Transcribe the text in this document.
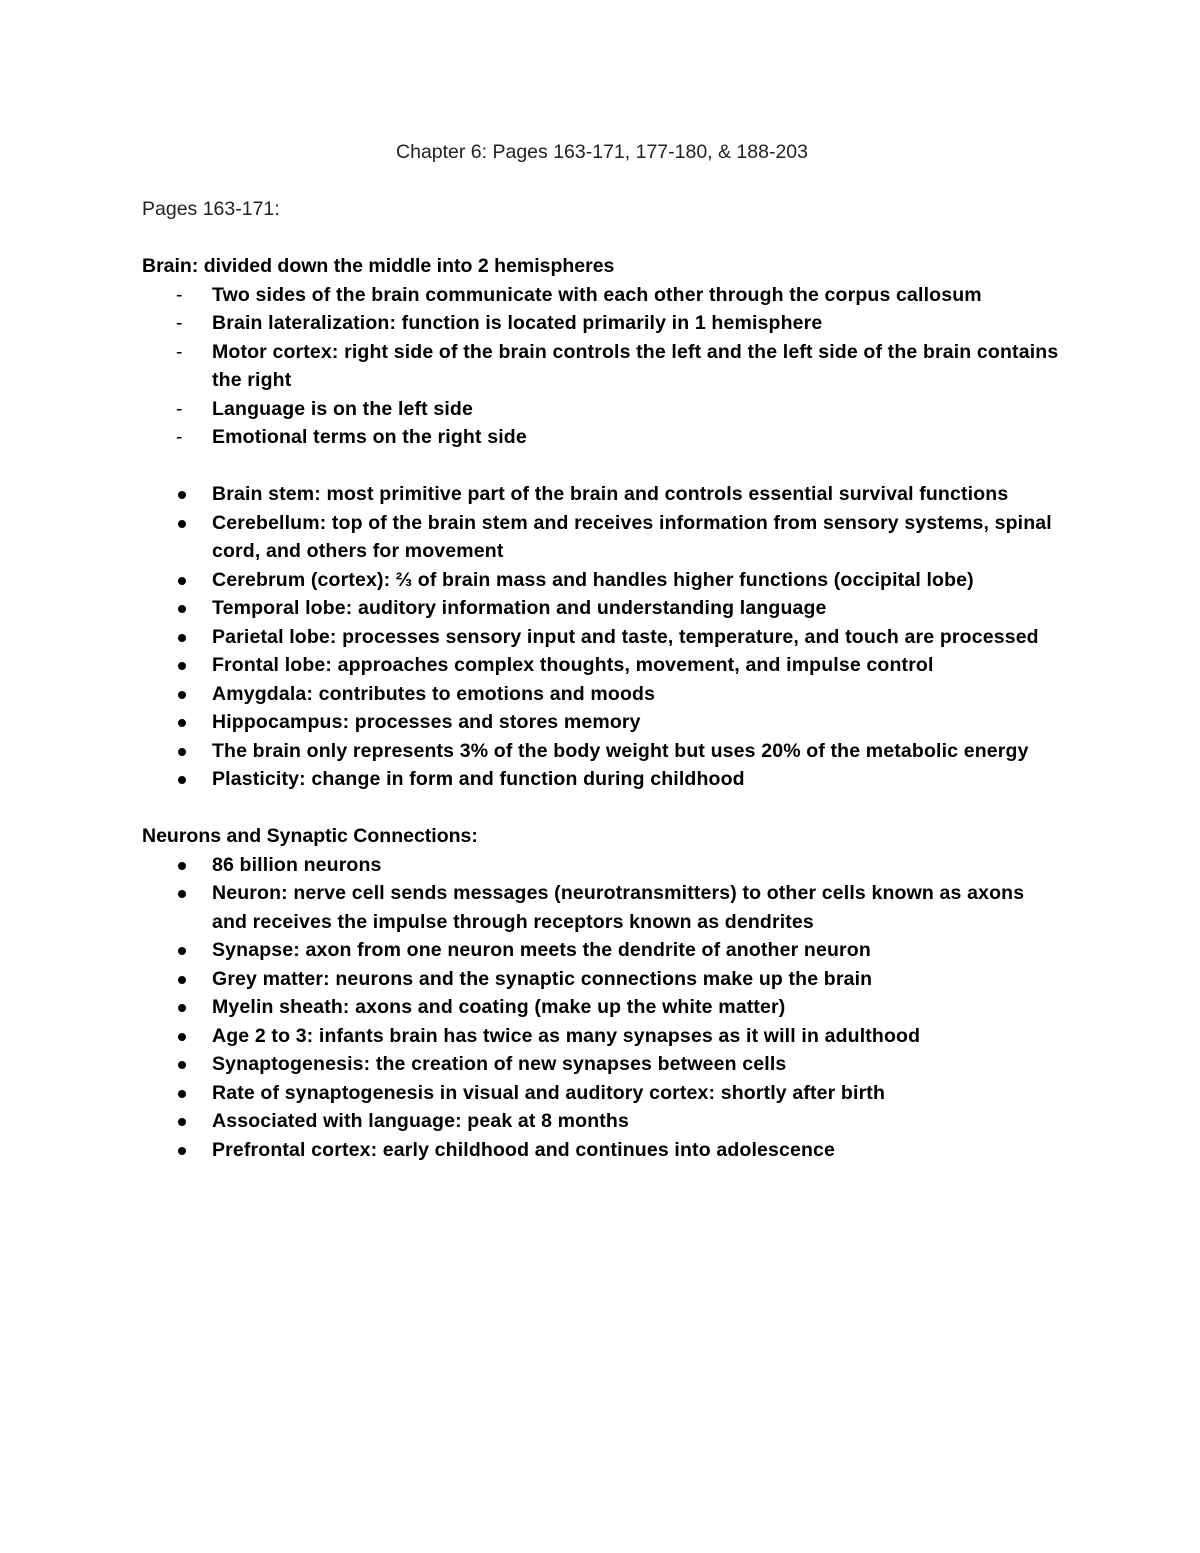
Chapter 6: Pages 163-171, 177-180, & 188-203

Pages 163-171:

Brain: divided down the middle into 2 hemispheres

- Two sides of the brain communicate with each other through the corpus callosum
- Brain lateralization: function is located primarily in 1 hemisphere
- Motor cortex: right side of the brain controls the left and the left side of the brain contains the right
- Language is on the left side
- Emotional terms on the right side
Brain stem: most primitive part of the brain and controls essential survival functions
Cerebellum: top of the brain stem and receives information from sensory systems, spinal cord, and others for movement
Cerebrum (cortex): ⅔ of brain mass and handles higher functions (occipital lobe)
Temporal lobe: auditory information and understanding language
Parietal lobe: processes sensory input and taste, temperature, and touch are processed
Frontal lobe: approaches complex thoughts, movement, and impulse control
Amygdala: contributes to emotions and moods
Hippocampus: processes and stores memory
The brain only represents 3% of the body weight but uses 20% of the metabolic energy
Plasticity: change in form and function during childhood

Neurons and Synaptic Connections:

86 billion neurons
Neuron: nerve cell sends messages (neurotransmitters) to other cells known as axons and receives the impulse through receptors known as dendrites
Synapse: axon from one neuron meets the dendrite of another neuron
Grey matter: neurons and the synaptic connections make up the brain
Myelin sheath: axons and coating (make up the white matter)
Age 2 to 3: infants brain has twice as many synapses as it will in adulthood
Synaptogenesis: the creation of new synapses between cells
Rate of synaptogenesis in visual and auditory cortex: shortly after birth
Associated with language: peak at 8 months
Prefrontal cortex: early childhood and continues into adolescence
